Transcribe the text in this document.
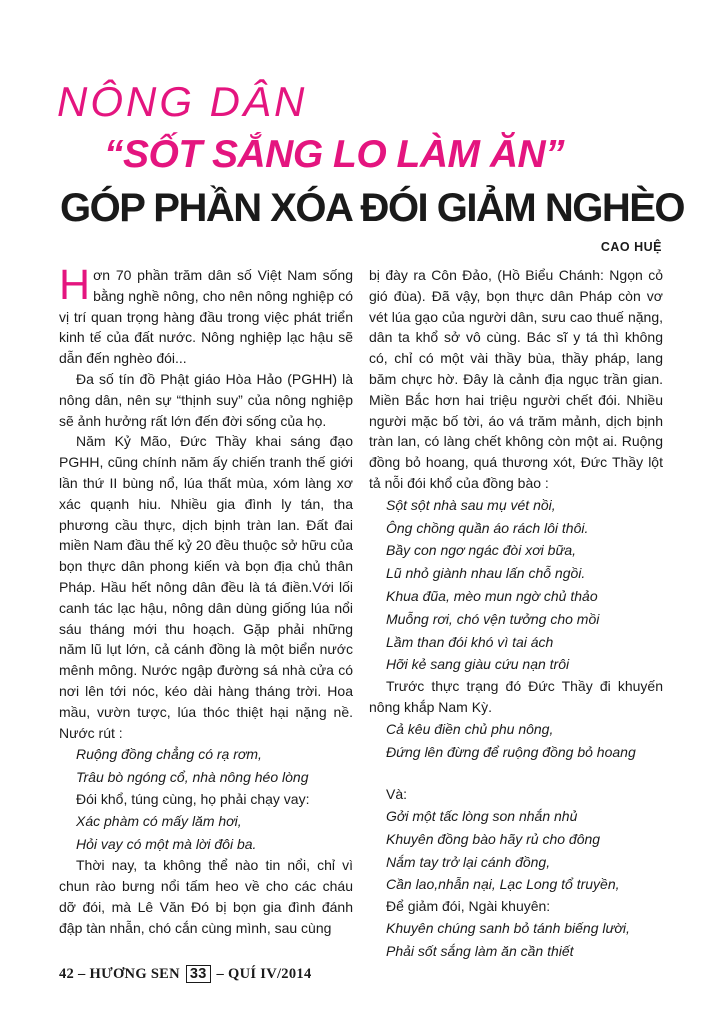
NÔNG DÂN
“SỐT SẮNG LO LÀM ĂN”
GÓP PHẦN XÓA ĐÓI GIẢM NGHÈO
CAO HUỆ

Hơn 70 phần trăm dân số Việt Nam sống bằng nghề nông, cho nên nông nghiệp có vị trí quan trọng hàng đầu trong việc phát triển kinh tế của đất nước. Nông nghiệp lạc hậu sẽ dẫn đến nghèo đói...

Đa số tín đồ Phật giáo Hòa Hảo (PGHH) là nông dân, nên sự “thịnh suy” của nông nghiệp sẽ ảnh hưởng rất lớn đến đời sống của họ.

Năm Kỷ Mão, Đức Thầy khai sáng đạo PGHH, cũng chính năm ấy chiến tranh thế giới lần thứ II bùng nổ, lúa thất mùa, xóm làng xơ xác quạnh hiu. Nhiều gia đình ly tán, tha phương cầu thực, dịch bịnh tràn lan. Đất đai miền Nam đầu thế kỷ 20 đều thuộc sở hữu của bọn thực dân phong kiến và bọn địa chủ thân Pháp. Hầu hết nông dân đều là tá điền.Với lối canh tác lạc hậu, nông dân dùng giống lúa nổi sáu tháng mới thu hoạch. Gặp phải những năm lũ lụt lớn, cả cánh đồng là một biển nước mênh mông. Nước ngập đường sá nhà cửa có nơi lên tới nóc, kéo dài hàng tháng trời. Hoa mầu, vườn tược, lúa thóc thiệt hại nặng nề. Nước rút :

Ruộng đồng chẳng có rạ rơm,

Trâu bò ngóng cổ, nhà nông héo lòng

Đói khổ, túng cùng, họ phải chạy vay:

Xác phàm có mấy lăm hơi,

Hỏi vay có một mà lời đôi ba.

Thời nay, ta không thể nào tin nổi, chỉ vì chun rào bưng nổi tấm heo về cho các cháu dỡ đói, mà Lê Văn Đó bị bọn gia đình đánh đập tàn nhẫn, chó cắn cùng mình, sau cùng

bị đày ra Côn Đảo, (Hồ Biểu Chánh: Ngọn cỏ gió đùa). Đã vậy, bọn thực dân Pháp còn vơ vét lúa gạo của người dân, sưu cao thuế nặng, dân ta khổ sở vô cùng. Bác sĩ y tá thì không có, chỉ có một vài thầy bùa, thầy pháp, lang băm chực hờ. Đây là cảnh địa ngục trần gian. Miền Bắc hơn hai triệu người chết đói. Nhiều người mặc bố tời, áo vá trăm mảnh, dịch bịnh tràn lan, có làng chết không còn một ai. Ruộng đồng bỏ hoang, quá thương xót, Đức Thầy lột tả nỗi đói khổ của đồng bào :

Sột sột nhà sau mụ vét nồi,

Ông chồng quần áo rách lôi thôi.

Bầy con ngơ ngác đòi xơi bữa,

Lũ nhỏ giành nhau lấn chỗ ngồi.

Khua đũa, mèo mun ngờ chủ thảo

Muỗng rơi, chó vện tưởng cho mồi

Lầm than đói khó vì tai ách

Hỡi kẻ sang giàu cứu nạn trôi

Trước thực trạng đó Đức Thầy đi khuyến nông khắp Nam Kỳ.

Cả kêu điền chủ phu nông,

Đứng lên đừng để ruộng đồng bỏ hoang

Và:

Gởi một tấc lòng son nhắn nhủ

Khuyên đồng bào hãy rủ cho đông

Nắm tay trở lại cánh đồng,

Cần lao,nhẫn nại, Lạc Long tổ truyền,

Để giảm đói, Ngài khuyên:

Khuyên chúng sanh bỏ tánh biếng lười,

Phải sốt sắng làm ăn cần thiết

42 – HƯƠNG SEN 33 – QUÍ IV/2014
